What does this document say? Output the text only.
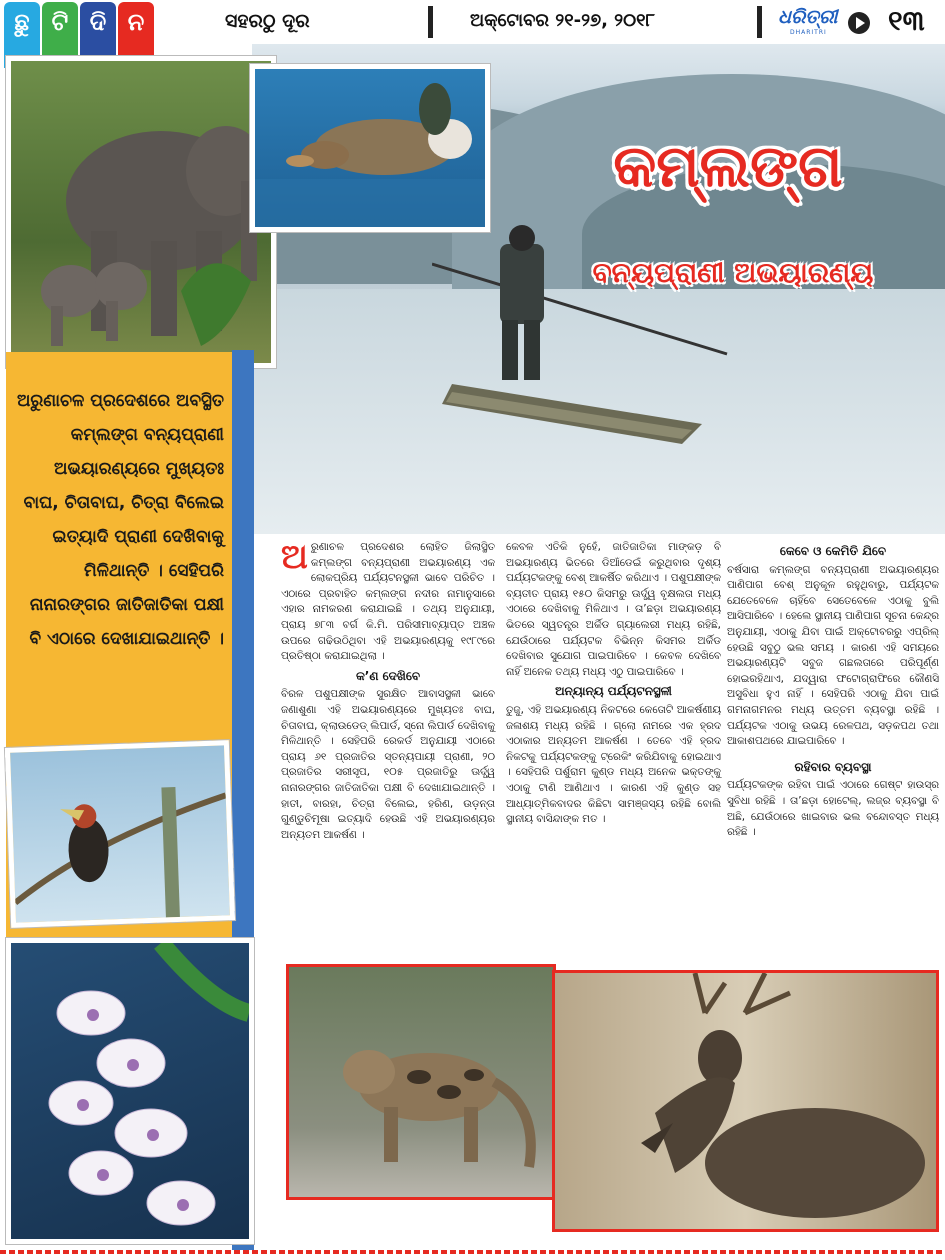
ଛୁ ଟି ଦି ନ	ସହରଠୁ ଦୂର	ଅକ୍ଟୋବର ୨୧-୨୭, ୨୦୧୮	ଧରିତ୍ରୀ
DHARITRI ୧୩
କମ୍‌ଲଙ୍ଗ
ବନ୍ୟପ୍ରାଣୀ ଅଭୟାରଣ୍ୟ
ଅରୁଣାଚଳ ପ୍ରଦେଶରେ ଅବସ୍ଥିତ କମ୍‌ଲଙ୍ଗ ବନ୍ୟପ୍ରାଣୀ ଅଭୟାରଣ୍ୟରେ ମୁଖ୍ୟତଃ ବାଘ, ଚିତାବାଘ, ଚିତ୍ରା ବିଲେଇ ଇତ୍ୟାଦି ପ୍ରାଣୀ ଦେଖିବାକୁ ମିଳିଥାନ୍ତି । ସେହିପରି ନାନାରଙ୍ଗର ଜାତିଜାତିକା ପକ୍ଷୀ ବି ଏଠାରେ ଦେଖାଯାଇଥାନ୍ତି ।

ଅରୁଣାଚଳ ପ୍ରଦେଶର ଲୋହିତ ଜିଲାସ୍ଥିତ କମ୍‌ଲଙ୍ଗ ବନ୍ୟପ୍ରାଣୀ ଅଭୟାରଣ୍ୟ ଏକ ଲୋକପ୍ରିୟ ପର୍ଯ୍ୟଟନସ୍ଥଳୀ ଭାବେ ପରିଚିତ । ଏଠାରେ ପ୍ରବାହିତ କମ୍‌ଲଙ୍ଗ ନଦୀର ନାମାନୁସାରେ ଏହାର ନାମକରଣ କରାଯାଇଛି । ତଥ୍ୟ ଅନୁଯାୟୀ, ପ୍ରାୟ ୭୮୩ ବର୍ଗ କି.ମି. ପରିସୀମାବ୍ୟାପ୍ତ ଅଞ୍ଚଳ ଉପରେ ଗଢିଉଠିଥିବା ଏହି ଅଭୟାରଣ୍ୟକୁ ୧୯୮୯ରେ ପ୍ରତିଷ୍ଠା କରାଯାଇଥିଲା ।

କ’ଣ ଦେଖିବେ

ବିରଳ ପଶୁପକ୍ଷୀଙ୍କ ସୁରକ୍ଷିତ ଆବାସସ୍ଥଳୀ ଭାବେ ଜଣାଶୁଣା ଏହି ଅଭୟାରଣ୍ୟରେ ମୁଖ୍ୟତଃ ବାଘ, ଚିତାବାଘ, କ୍ଲାଉଡେଡ୍‌ ଲିପାର୍ଡ, ସ୍ନୋ ଲିପାର୍ଡ ଦେଖିବାକୁ ମିଳିଥାନ୍ତି । ସେହିପରି ରେକର୍ଡ ଅନୁଯାୟୀ ଏଠାରେ ପ୍ରାୟ ୬୧ ପ୍ରଜାତିର ସ୍ତନ୍ୟପାୟୀ ପ୍ରାଣୀ, ୨୦ ପ୍ରଜାତିର ସରୀସୃପ, ୧୦୫ ପ୍ରଜାତିରୁ ଊର୍ଦ୍ଧ୍ୱ ନାନାରଙ୍ଗର ଜାତିଜାତିକା ପକ୍ଷୀ ବି ଦେଖାଯାଇଥାନ୍ତି । ହାତୀ, ବାରହା, ଚିତ୍ରା ବିଲେଇ, ହରିଣ, ଉଡ଼ନ୍ତା ଗୁଣ୍ଡୁଚିମୂଷା ଇତ୍ୟାଦି ହେଉଛି ଏହି ଅଭୟାରଣ୍ୟର ଅନ୍ୟତମ ଆକର୍ଷଣ ।

କେବଳ ଏତିକି ନୁହେଁ, ଜାତିଜାତିକା ମାଙ୍କଡ଼ ବି ଅଭୟାରଣ୍ୟ ଭିତରେ ଡିଆଁଡେଇଁ କରୁଥିବାର ଦୃଶ୍ୟ ପର୍ଯ୍ୟଟକଙ୍କୁ ବେଶ୍‌ ଆକର୍ଷିତ କରିଥାଏ । ପଶୁପକ୍ଷୀଙ୍କ ବ୍ୟତୀତ ପ୍ରାୟ ୧୫୦ କିସମରୁ ଊର୍ଦ୍ଧ୍ୱ ବୃକ୍ଷଲତା ମଧ୍ୟ ଏଠାରେ ଦେଖିବାକୁ ମିଳିଥାଏ । ତା’ଛଡ଼ା ଅଭୟାରଣ୍ୟ ଭିତରେ ସ୍ୱତନ୍ତ୍ର ଅର୍କିଡ ଗ୍ୟାଲେରୀ ମଧ୍ୟ ରହିଛି, ଯେଉଁଠାରେ ପର୍ଯ୍ୟଟକ ବିଭିନ୍ନ କିସମର ଅର୍କିଡ ଦେଖିବାର ସୁଯୋଗ ପାଇପାରିବେ । କେବଳ ଦେଖିବେ ନାହିଁ ଅନେକ ତଥ୍ୟ ମଧ୍ୟ ଏଠୁ ପାଇପାରିବେ ।

ଅନ୍ୟାନ୍ୟ ପର୍ଯ୍ୟଟନସ୍ଥଳୀ

ତୁଜୁ, ଏହି ଅଭୟାରଣ୍ୟ ନିକଟରେ କେତୋଟି ଆକର୍ଷଣୀୟ ଜଳାଶୟ ମଧ୍ୟ ରହିଛି । ଗ୍ଲୋ ନାମରେ ଏକ ହ୍ରଦ ଏଠାକାର ଅନ୍ୟତମ ଆକର୍ଷଣ । ତେବେ ଏହି ହ୍ରଦ ନିକଟକୁ ପର୍ଯ୍ୟଟକଙ୍କୁ ଟ୍ରେକିଂ କରିଯିବାକୁ ହୋଇଥାଏ । ସେହିପରି ପର୍ଶୁରାମ କୁଣ୍ଡ ମଧ୍ୟ ଅନେକ ଭକ୍ତଙ୍କୁ ଏଠାକୁ ଟାଣି ଆଣିଥାଏ । କାରଣ ଏହି କୁଣ୍ଡ ସହ ଆଧ୍ୟାତ୍ମିକବାଦର କିଛିଟା ସାମଞ୍ଜସ୍ୟ ରହିଛି ବୋଲି ସ୍ଥାନୀୟ ବାସିନ୍ଦାଙ୍କ ମତ ।

କେବେ ଓ କେମିତି ଯିବେ

ବର୍ଷସାରା କମ୍‌ଲଙ୍ଗ ବନ୍ୟପ୍ରାଣୀ ଅଭୟାରଣ୍ୟର ପାଣିପାଗ ବେଶ୍‌ ଅନୁକୂଳ ରହୁଥିବାରୁ, ପର୍ଯ୍ୟଟକ ଯେତେବେଳେ ଚାହିଁବେ ସେତେବେଳେ ଏଠାକୁ ବୁଲି ଆସିପାରିବେ । ହେଲେ ସ୍ଥାନୀୟ ପାଣିପାଗ ସୂଚନା କେନ୍ଦ୍ର ଅନୁଯାୟୀ, ଏଠାକୁ ଯିବା ପାଇଁ ଅକ୍ଟୋବରରୁ ଏପ୍ରିଲ୍‌ ହେଉଛି ସବୁଠୁ ଭଲ ସମୟ । କାରଣ ଏହି ସମୟରେ ଅଭୟାରଣ୍ୟଟି ସବୁଜ ଗଛଲତାରେ ପରିପୂର୍ଣ୍ଣ ହୋଇରହିଥାଏ, ଯଦ୍ୱାରା ଫଟୋଗ୍ରାଫିରେ କୌଣସି ଅସୁବିଧା ହୁଏ ନାହିଁ । ସେହିପରି ଏଠାକୁ ଯିବା ପାଇଁ ଗମନାଗମନର ମଧ୍ୟ ଉତ୍ତମ ବ୍ୟବସ୍ଥା ରହିଛି । ପର୍ଯ୍ୟଟକ ଏଠାକୁ ଉଭୟ ରେଳପଥ, ସଡ଼କପଥ ତଥା ଆକାଶପଥରେ ଯାଇପାରିବେ ।

ରହିବାର ବ୍ୟବସ୍ଥା

ପର୍ଯ୍ୟଟକଙ୍କ ରହିବା ପାଇଁ ଏଠାରେ ଗେଷ୍ଟ ହାଉସ୍‌ର ସୁବିଧା ରହିଛି । ତା’ଛଡ଼ା ହୋଟେଲ୍‌, ଲଜ୍‌ର ବ୍ୟବସ୍ଥା ବି ଅଛି, ଯେଉଁଠାରେ ଖାଇବାର ଭଲ ବନ୍ଦୋବସ୍ତ ମଧ୍ୟ ରହିଛି ।
